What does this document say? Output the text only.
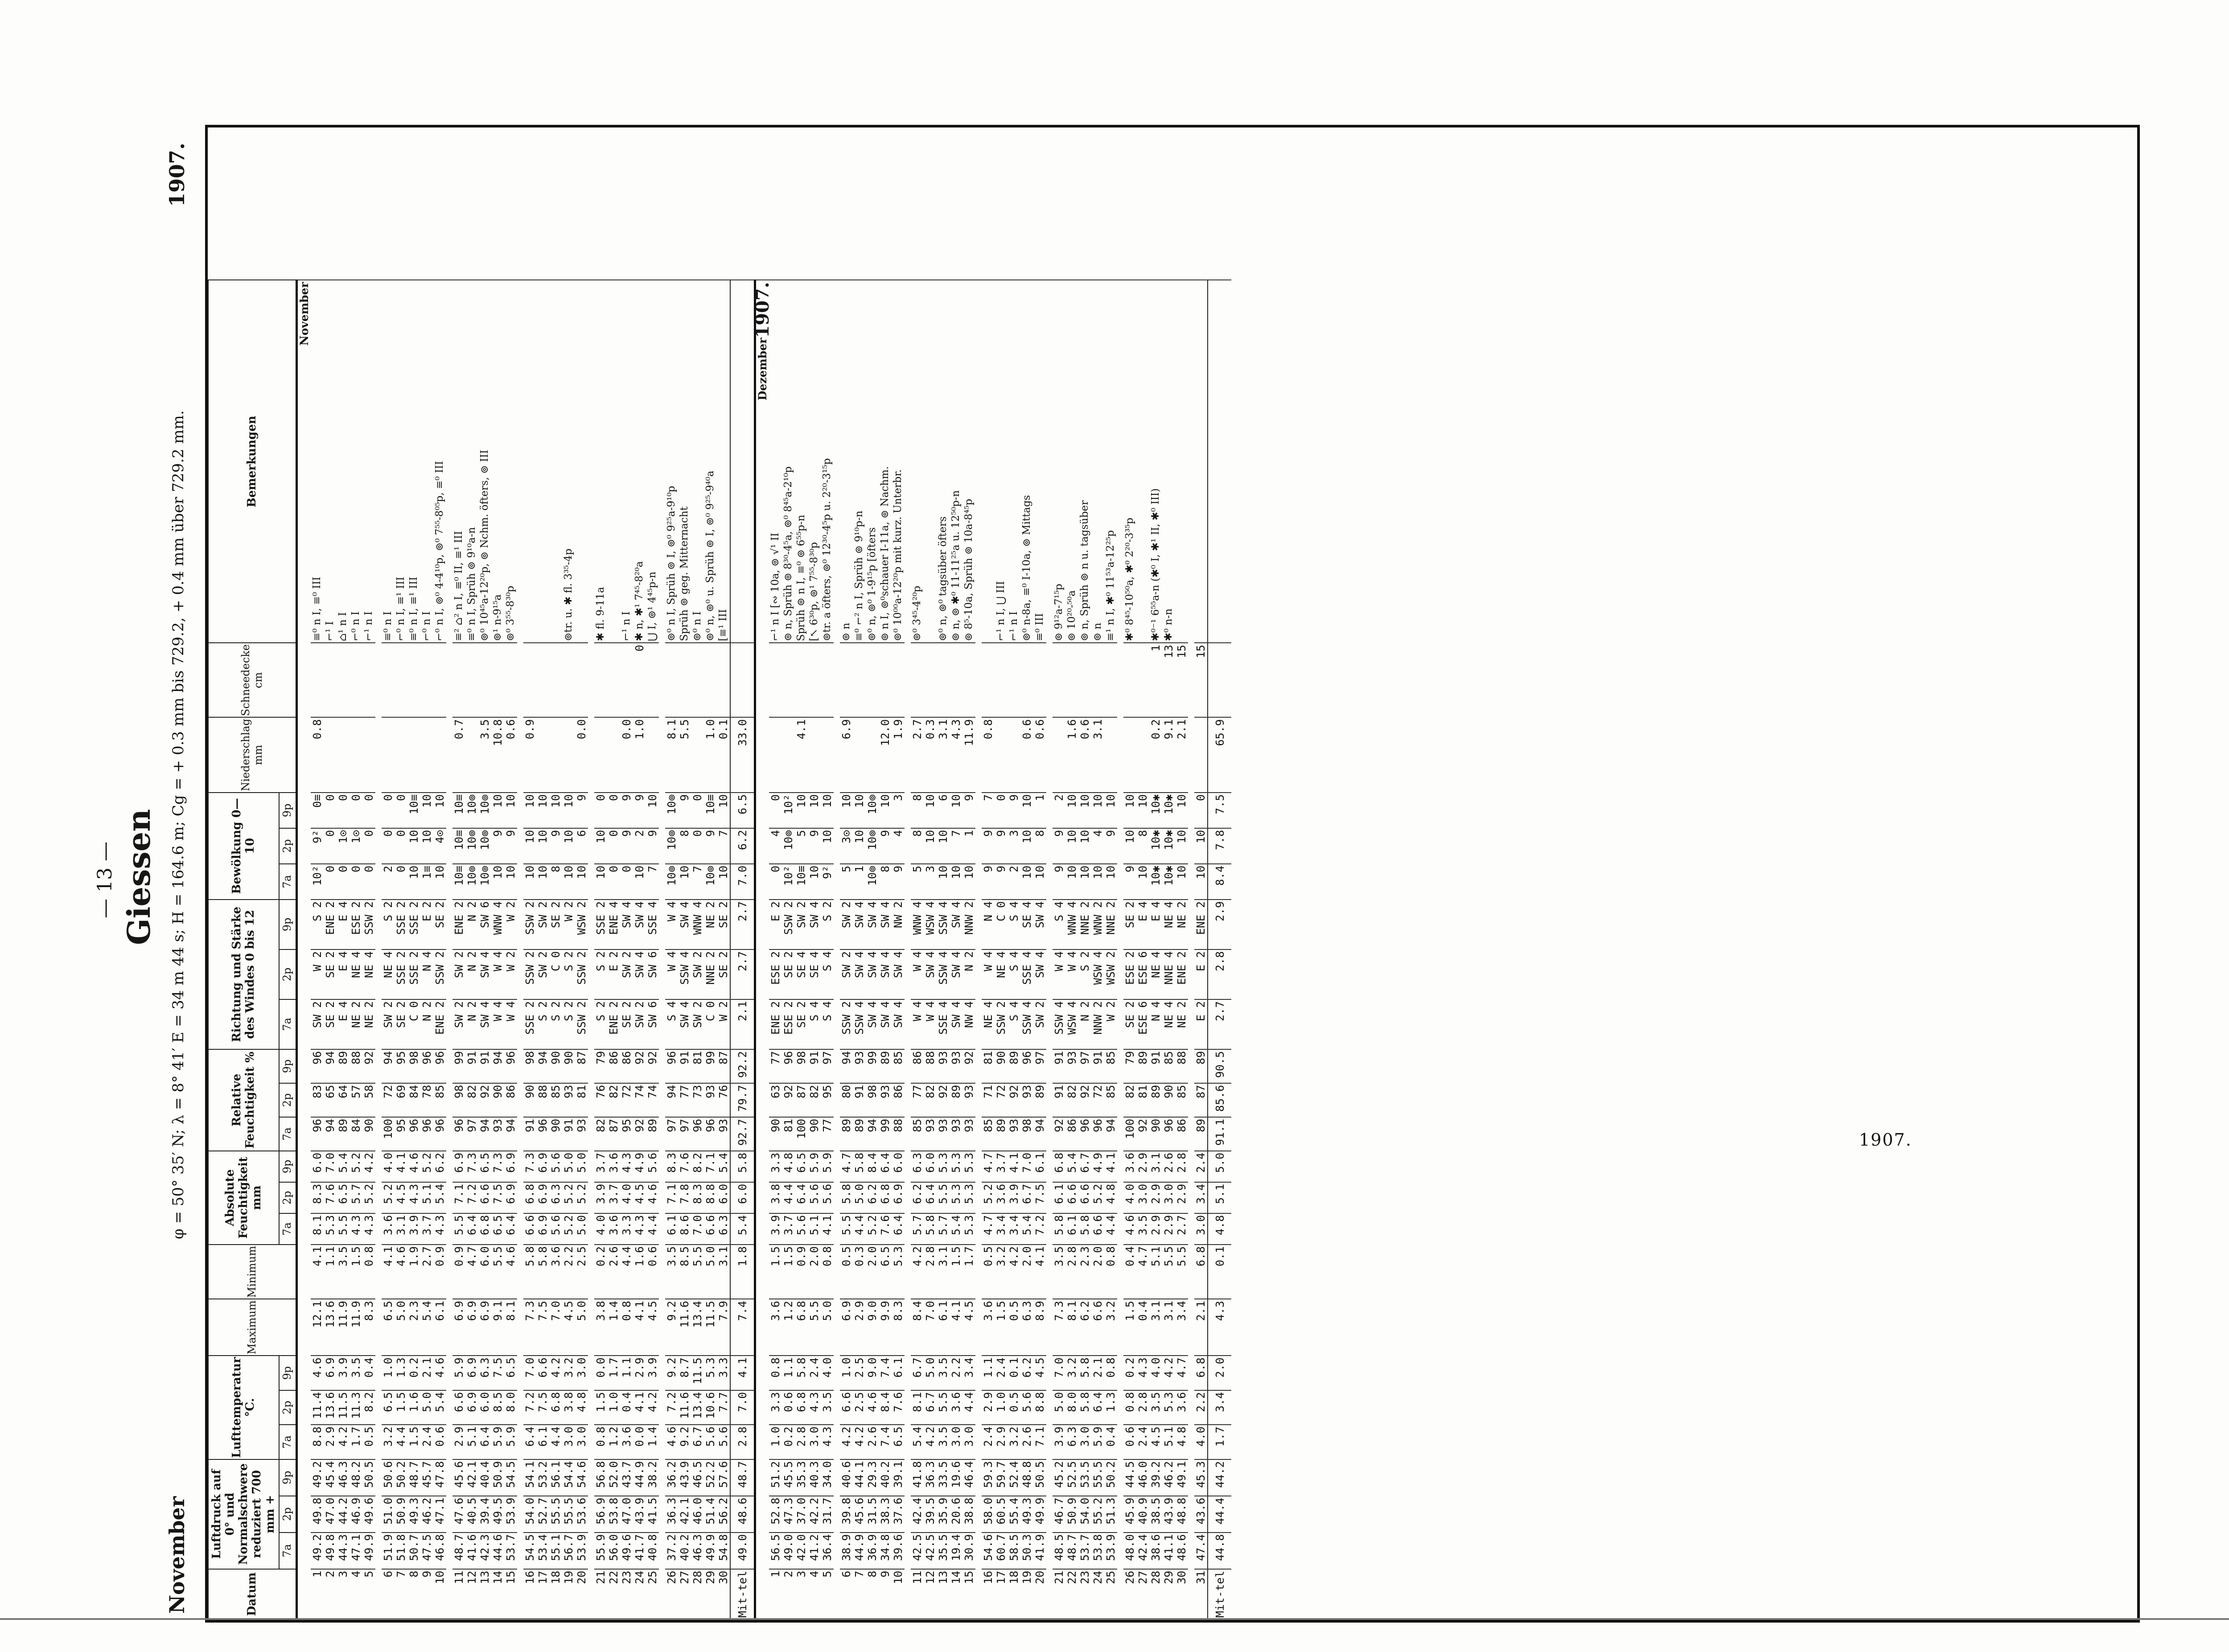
1907.
— 13 — Giessen
November
φ = 50° 35′ N; λ = 8° 41′ E = 34 m 44 s; H = 164.6 m; Cg = + 0.3 mm bis 729.2, + 0.4 mm über 729.2 mm.
1907.
Datum	Luftdruck auf 0° und Normalschwere reduziert 700 mm +			Lufttemperatur °C.			Maximum	Minimum	Absolute Feuchtigkeit mm			Relative Feuchtigkeit %			Richtung und Stärke des Windes 0 bis 12			Bewölkung 0—10			Niederschlag mm	Schneedecke cm	Bemerkungen
	7a	2p	9p	7a	2p	9p			7a	2p	9p	7a	2p	9p	7a	2p	9p	7a	2p	9p			
November																							

1	49.2	49.8	49.2	8.8	11.4	4.6	12.1	4.1	8.1	8.3	6.0	96	83	96	SW 2	W 2	S 2	10²	9²	0≡	0.8		≡⁰ n I, ≡⁰ III
2	49.8	47.0	45.4	2.9	13.6	6.9	13.6	1.1	5.3	7.6	7.0	94	65	94	SE 2	SE 2	ENE 2	0	0	0			⌐¹ I
3	44.3	44.2	46.3	4.2	11.5	3.9	11.9	3.5	5.5	6.5	5.4	89	64	89	E 4	E 4	E 4	0	1⊙	0			⌂¹ n I
4	47.1	46.9	48.2	1.7	11.3	3.5	11.9	1.5	4.3	5.7	5.2	84	57	88	NE 2	NE 4	ESE 2	0	1⊙	0			⌐⁰ n I
5	49.9	49.6	50.5	0.5	8.2	0.4	8.3	0.8	4.3	5.2	4.2	90	58	92	NE 2	NE 4	SSW 2	0	0	0			⌐¹ n I

6	51.9	51.0	50.6	3.2	6.5	1.0	6.5	4.1	3.6	5.2	4.0	100	72	94	SW 2	NE 4	S 2	2	0	0			≡⁰ n I
7	51.8	50.9	50.2	4.4	1.5	1.3	5.0	4.6	3.1	4.5	4.1	95	69	95	SE 2	SSE 2	SSE 2	0	0	0			⌐⁰ n I, ≡¹ III
8	50.7	49.3	48.7	1.5	1.6	0.2	2.3	1.9	3.9	4.3	4.6	96	84	98	C 0	SSE 2	SSE 2	10	10	10≡			≡⁰ n I, ≡¹ III
9	47.5	46.2	45.7	2.4	5.0	2.1	5.4	2.7	3.7	5.1	5.2	96	78	96	N 2	N 4	E 2	1≡	10	10			⌐⁰ n I
10	46.8	47.1	47.8	0.6	5.4	4.6	6.1	0.9	4.3	5.4	6.2	96	85	96	ENE 2	SSW 2	SE 2	10	4⊙	10			⌐⁰ n I, ⊚⁰ 4-4¹⁰p, ⊚⁰ 7⁵⁵-8⁰⁵p, ≡⁰ III

11	48.7	47.6	45.6	2.9	6.6	5.9	6.9	0.9	5.5	7.1	6.9	96	98	99	SW 2	SW 2	ENE 2	10≡	10≡	10≡	0.7		≡² ⌂² n I, ≡⁰ II, ≡¹ III
12	41.6	40.5	42.1	5.1	6.9	6.9	6.9	4.7	6.4	7.2	7.3	97	82	91	N 2	N 2	N 2	10⊚	10⊚	10⊚			≡⁰ n I, Sprüh ⊚ 9¹⁰a-n
13	42.3	39.4	40.4	6.4	6.0	6.3	6.9	6.0	6.8	6.6	6.5	94	92	91	SW 4	SW 4	SW 6	10⊚	10⊚	10⊚	3.5		⊚⁰ 10⁴⁵a-12²⁰p, ⊚ Nchm. öfters, ⊚ III
14	44.6	49.5	50.9	5.9	8.5	7.5	9.1	5.5	6.5	7.5	7.3	93	90	94	W 4	W 4	WNW 4	10	9	10	10.8		⊚¹ n-9¹⁵a
15	53.7	53.9	54.5	5.9	8.0	6.5	8.1	4.6	6.4	6.9	6.9	94	86	96	W 4	W 2	W 2	10	9	10	0.6		⊚⁰ 3⁵⁵-8³⁰p

16	54.5	54.0	54.1	6.4	7.2	7.0	7.3	5.8	6.6	6.8	7.3	91	90	98	SSE 2	SSW 2	SSW 2	10	10	10	0.9		
17	53.4	52.7	53.2	6.1	7.5	6.6	7.5	5.8	6.9	6.9	6.9	96	88	94	S 2	SW 2	SW 2	10	10	10			
18	55.1	55.5	56.1	4.4	6.8	4.2	7.0	3.6	5.6	6.3	5.6	90	85	90	S 2	C 0	SE 2	8	9	10			
19	56.7	55.5	54.4	3.0	3.8	3.2	4.5	2.2	5.2	5.2	5.0	91	93	90	S 2	S 2	W 2	10	10	10			⊚tr. u. ✱ fl. 3³⁵-4p
20	53.9	53.6	54.6	3.0	4.8	3.0	5.0	2.5	5.0	5.2	5.0	93	81	87	SSW 2	SSW 2	WSW 2	10	6	9	0.0		

21	55.9	56.9	56.8	0.8	1.5	0.0	3.8	0.2	4.0	3.9	3.7	82	76	79	S 2	S 2	SSE 2	10	10	0			✱ fl. 9-11a
22	56.0	53.8	52.0	1.2	1.0	1.7	1.4	2.6	3.6	3.7	3.6	87	82	86	ENE 2	E 2	ENE 4	0	0	0			
23	49.6	47.0	43.7	3.6	0.4	1.1	0.8	4.4	3.3	4.0	4.3	95	72	86	SE 2	SW 2	SW 4	0	9	9	0.0		⌐¹ n I
24	41.7	43.9	44.9	0.0	4.1	2.9	4.1	1.6	4.3	4.5	4.9	92	74	92	SW 2	SW 4	SW 4	10	2	9	1.0	0	✱ n, ✱¹ 7⁴⁵-8²⁰a
25	40.8	41.5	38.2	1.4	4.2	3.9	4.5	0.6	4.4	4.6	5.6	89	74	92	SW 6	SW 6	SSE 4	7	9	10			⋃ I, ⊚¹ 4⁴⁵p-n

26	37.2	36.3	36.2	4.6	7.2	9.2	9.2	3.5	6.1	7.1	8.3	97	94	96	S 4	W 4	W 4	10⊚	10⊚	10⊚	8.1		⊚⁰ n I, Sprüh ⊚ I, ⊚⁰ 9²⁵a-9¹⁰p
27	40.2	42.1	43.9	9.2	11.6	8.7	11.6	8.5	8.6	7.8	7.6	97	77	91	SW 4	SSW 4	SW 4	10	8	9	5.5		Sprüh ⊚ geg. Mitternacht
28	46.3	46.0	46.5	6.7	13.4	11.5	13.4	5.5	7.0	8.3	8.2	96	73	81	SW 2	SW 2	WNW 4	7	0	0			⊚⁰ n I
29	49.9	51.4	52.2	5.6	10.6	5.3	11.5	5.0	6.6	8.8	7.1	96	93	99	C 0	NNE 2	NE 2	10⊚	9	10≡	1.0		⊚⁰ n, ⊚⁰ u. Sprüh ⊚ I, ⊚⁰ 9²⁵-9⁴⁰a
30	54.8	56.2	57.6	5.6	7.7	3.3	7.9	3.1	6.3	6.0	5.4	93	76	87	W 2	SE 2	SE 2	10	7	10	0.1		[≡¹ III
Mit-tel	49.0	48.6	48.7	2.8	7.0	4.1	7.4	1.8	5.4	6.0	5.8	92.7	79.7	92.2	2.1	2.7	2.7	7.0	6.2	6.5	33.0		
Dezember
1907.																							

1	56.5	52.8	51.2	1.0	3.3	0.8	3.6	1.5	3.9	3.8	3.3	90	63	77	ENE 2	ESE 2	E 2	0	4	0			⌐¹ n I [∾ 10a, ⊚ √¹ II
2	49.0	47.3	45.5	0.2	0.6	1.1	1.2	1.5	3.7	4.4	4.8	81	92	96	ESE 2	SE 2	SSW 2	10²	10⊚	10²			⊚ n, Sprüh ⊚ 8³⁰-4⁵a, ⊚⁰ 8⁴⁵a-2¹⁰p
3	42.0	37.0	35.3	2.8	6.8	5.8	6.8	0.9	5.6	6.4	6.5	100	87	98	SE 2	SE 4	SW 2	10≡	5	10	4.1		Sprüh ⊚ n I, ≡⁰ ⊚ 6⁵⁵p-n
4	41.2	42.2	40.3	3.0	4.3	2.4	5.5	2.0	5.1	5.6	5.9	90	82	91	S 4	SE 4	SW 4	10	9	10			[↖ 6³⁰p, ⊚¹ 7⁵⁵-8³⁰p
5	36.4	31.7	34.0	4.3	3.5	4.0	5.0	0.8	4.1	5.6	5.9	77	95	97	S 4	S 4	S 2	9²	10	10			⊚tr. a öfters, ⊚⁰ 12³⁰-4⁵p u. 2²⁰-3¹⁵p

6	38.9	39.8	40.6	4.2	6.6	1.0	6.9	0.5	5.5	5.8	4.7	89	80	94	SSW 2	SW 2	SW 2	5	3⊙	10	6.9		⊚ n
7	44.9	45.6	44.1	4.2	2.5	2.5	2.9	0.3	4.4	5.0	5.8	89	91	93	SSW 4	SW 4	SW 4	1	10	10			≡⁰ ⌐² n I, Sprüh ⊚ 9¹⁰p-n
8	36.9	31.5	29.3	2.6	4.6	9.0	9.0	2.0	5.2	6.2	8.4	94	98	99	SW 4	SW 4	SW 4	10⊚	10⊚	10⊚			⊚⁰ n, ⊚⁰ 1-9¹⁵p [öfters
9	34.8	38.3	40.2	7.4	8.4	7.4	9.9	6.5	7.6	6.8	6.4	99	93	89	SW 4	SW 4	SW 4	8	9	10	12.0		⊚ n I, ⊚⁰schauer I-11a, ⊚ Nachm.
10	39.6	37.6	39.1	6.5	7.6	6.1	8.3	5.3	6.4	6.9	6.0	88	86	85	SW 4	SW 4	NW 2	9	4	3	1.9		⊚⁰ 10⁰⁰a-12²⁰p mit kurz. Unterbr.

11	42.5	42.4	41.8	5.4	8.1	6.7	8.4	4.2	5.7	6.2	6.3	85	77	86	W 4	W 4	WNW 4	5	8	8	2.7		⊚⁰ 3⁴⁵-4²⁰p
12	42.5	39.5	36.3	4.2	6.7	5.0	7.0	2.8	5.8	6.4	6.0	93	82	88	W 4	SW 4	WSW 4	3	10	10	0.3		
13	35.5	35.9	33.5	3.5	5.5	3.5	6.1	3.1	5.7	5.5	5.3	93	92	93	SSE 4	SSW 4	SSW 4	10	10	6	3.1		⊚⁰ n, ⊚⁰ tagsüber öfters
14	19.4	20.6	19.6	3.0	3.6	2.2	4.1	1.5	5.4	5.3	5.3	93	89	93	SW 4	SW 4	SW 4	10	7	10	4.3		⊚ n, ⊚ ✱⁰ 11-11²⁵a u. 12⁵⁰p-n
15	30.9	38.8	46.4	3.0	4.4	3.4	4.5	1.7	5.3	5.3	5.3	93	93	92	NW 4	N 2	NNW 2	10	1	9	11.9		⊚ 8⁵-10a, Sprüh ⊚ 10a-8⁴⁵p

16	54.6	58.0	59.3	2.4	2.9	1.1	3.6	0.5	4.7	5.2	4.7	85	71	81	NE 4	W 4	N 4	9	9	7	0.8		
17	60.7	60.5	59.7	2.9	1.0	2.4	1.5	3.2	3.4	3.6	3.7	89	72	90	SSW 2	NE 4	C 0	9	9	0			⌐¹ n I, ⋃ III
18	58.5	55.4	52.4	3.2	0.5	0.1	0.5	4.2	3.4	3.9	4.1	93	92	89	S 4	S 4	S 4	2	3	9			⌐¹ n I
19	50.3	49.3	48.8	2.6	5.6	6.2	6.3	2.0	5.4	6.7	7.0	98	93	96	SSW 4	SSE 4	SE 4	10	10	10	0.6		⊚⁰ n-8a, ≡⁰ I-10a, ⊚ Mittags
20	41.9	49.9	50.5	7.1	8.8	4.5	8.9	4.1	7.2	7.5	6.1	94	89	97	SW 2	SW 4	SW 4	10	8	1	0.6		≡⁰ III

21	48.5	46.7	45.2	3.9	5.0	7.0	7.3	3.5	5.8	6.1	6.8	92	91	91	SSW 4	W 4	S 4	9	9	2			⊚ 9¹²a-7¹⁵p
22	48.7	50.9	52.5	6.3	8.0	3.2	8.1	2.8	6.1	6.6	5.4	86	82	93	WSW 4	W 4	WNW 4	10	10	10	1.6		⊚ 10²⁰-⁵⁰a
23	53.7	54.0	53.5	3.0	5.8	5.8	6.2	2.3	5.8	6.6	6.7	96	92	97	N 2	S 2	NNE 2	10	10	10	0.6		⊚ n, Sprüh ⊚ n u. tagsüber
24	53.8	55.2	55.5	5.9	6.4	2.1	6.6	2.0	6.6	5.2	4.9	96	72	91	NNW 2	WSW 4	WNW 2	10	4	10	3.1		⊚ n
25	53.9	51.3	50.2	0.4	1.3	0.8	3.2	0.8	4.4	4.8	4.1	94	85	85	W 2	WSW 2	NNE 2	10	9	10			≡¹ n I, ✱⁰ 11⁵³a-12²⁵p

26	48.0	45.9	44.5	0.6	0.8	0.2	1.5	0.4	4.6	4.0	3.6	100	82	79	SE 2	ESE 2	SE 2	9	10	10			✱⁰ 8⁴⁵-10⁵⁰a, ✱⁰ 2²⁰-3³⁵p
27	42.4	40.9	46.0	2.4	2.8	4.3	0.4	4.7	3.5	3.0	2.9	92	81	89	ESE 6	ESE 6	E 4	10	8	10			
28	38.6	38.5	39.2	4.5	3.5	4.0	3.1	5.1	2.9	2.9	3.1	90	89	91	N 4	NE 4	E 4	10✱	10✱	10✱	0.2	1	✱⁰⁻¹ 6⁵⁵a-n (✱⁰ I, ✱¹ II, ✱⁰ III)
29	41.1	43.9	46.2	5.1	5.3	4.2	3.1	5.5	2.9	3.0	2.6	96	90	85	NE 4	NNE 4	NE 4	10✱	10✱	10✱	9.1	13	✱⁰ n-n
30	48.6	48.8	49.1	4.8	3.6	4.7	3.4	5.5	2.7	2.9	2.8	86	85	88	NE 2	ENE 2	NE 2	10	10	10	2.1	15	

31	47.4	43.6	45.3	4.0	2.2	6.8	2.1	6.8	3.0	3.4	2.4	89	87	89	E 2	E 2	ENE 2	10	10	0		15	
Mit-tel	44.8	44.4	44.2	1.7	3.4	2.0	4.3	0.1	4.8	5.1	5.0	91.1	85.6	90.5	2.7	2.8	2.9	8.4	7.8	7.5	65.9		
